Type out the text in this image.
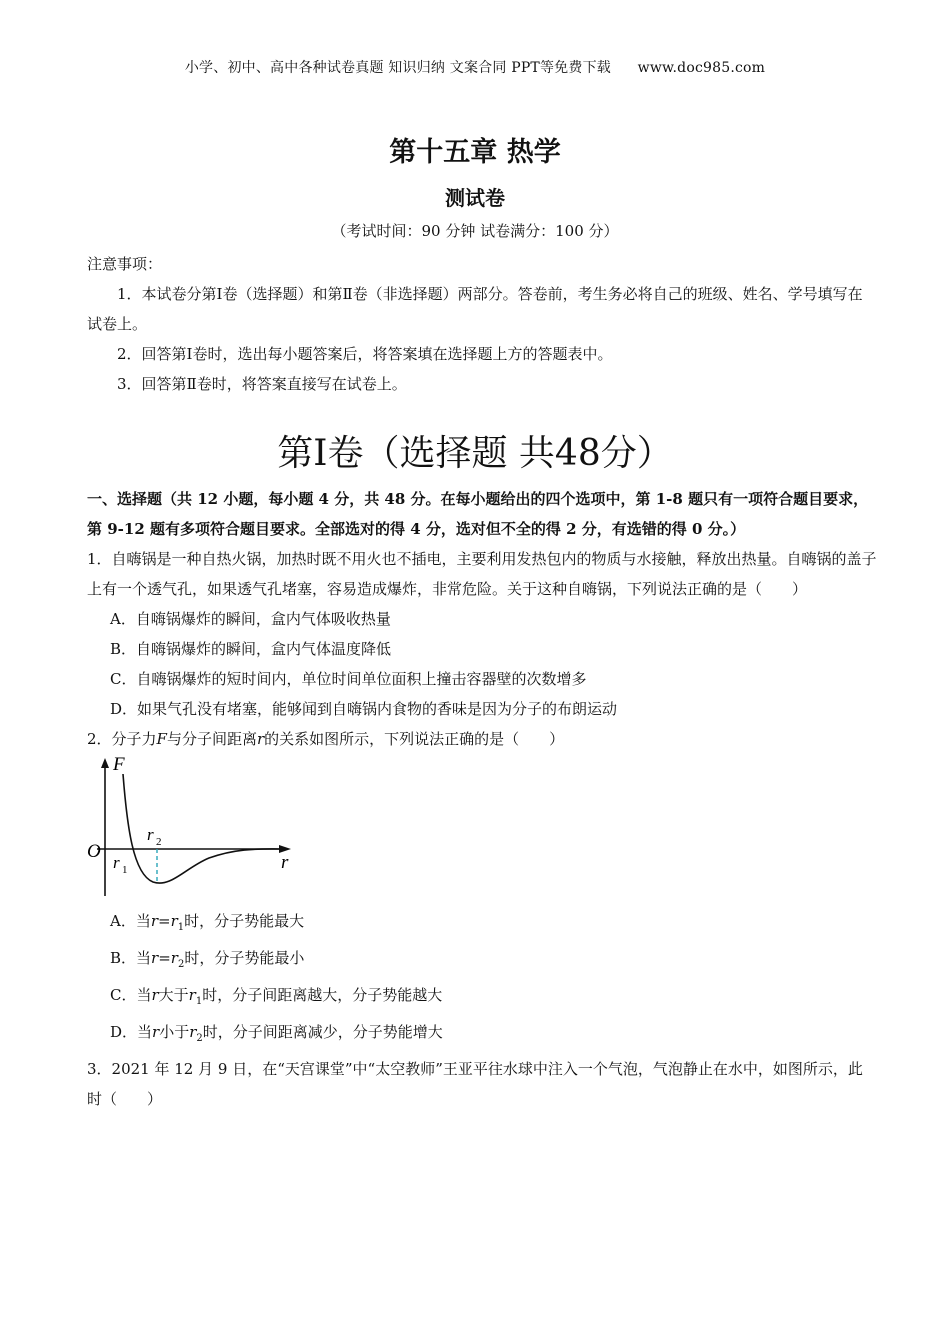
小学、初中、高中各种试卷真题 知识归纳 文案合同 PPT等免费下载 www.doc985.com
第十五章 热学
测试卷
（考试时间：90 分钟 试卷满分：100 分）
注意事项：
1．本试卷分第Ⅰ卷（选择题）和第Ⅱ卷（非选择题）两部分。答卷前，考生务必将自己的班级、姓名、学号填写在试卷上。
2．回答第Ⅰ卷时，选出每小题答案后，将答案填在选择题上方的答题表中。
3．回答第Ⅱ卷时，将答案直接写在试卷上。
第Ⅰ卷（选择题 共48分）
一、选择题（共 12 小题，每小题 4 分，共 48 分。在每小题给出的四个选项中，第 1-8 题只有一项符合题目要求，第 9-12 题有多项符合题目要求。全部选对的得 4 分，选对但不全的得 2 分，有选错的得 0 分。）
1．自嗨锅是一种自热火锅，加热时既不用火也不插电，主要利用发热包内的物质与水接触，释放出热量。自嗨锅的盖子上有一个透气孔，如果透气孔堵塞，容易造成爆炸，非常危险。关于这种自嗨锅，下列说法正确的是（　　）
A．自嗨锅爆炸的瞬间，盒内气体吸收热量
B．自嗨锅爆炸的瞬间，盒内气体温度降低
C．自嗨锅爆炸的短时间内，单位时间单位面积上撞击容器壁的次数增多
D．如果气孔没有堵塞，能够闻到自嗨锅内食物的香味是因为分子的布朗运动
2．分子力F与分子间距离r的关系如图所示，下列说法正确的是（　　）
F
r
O
r 1
r 2
A．当$r=r_1$时，分子势能最大
B．当$r=r_2$时，分子势能最小
C．当r大于$r_1$时，分子间距离越大，分子势能越大
D．当r小于$r_2$时，分子间距离减少，分子势能增大
3．2021 年 12 月 9 日，在“天宫课堂”中“太空教师”王亚平往水球中注入一个气泡，气泡静止在水中，如图所示，此时（　　）
